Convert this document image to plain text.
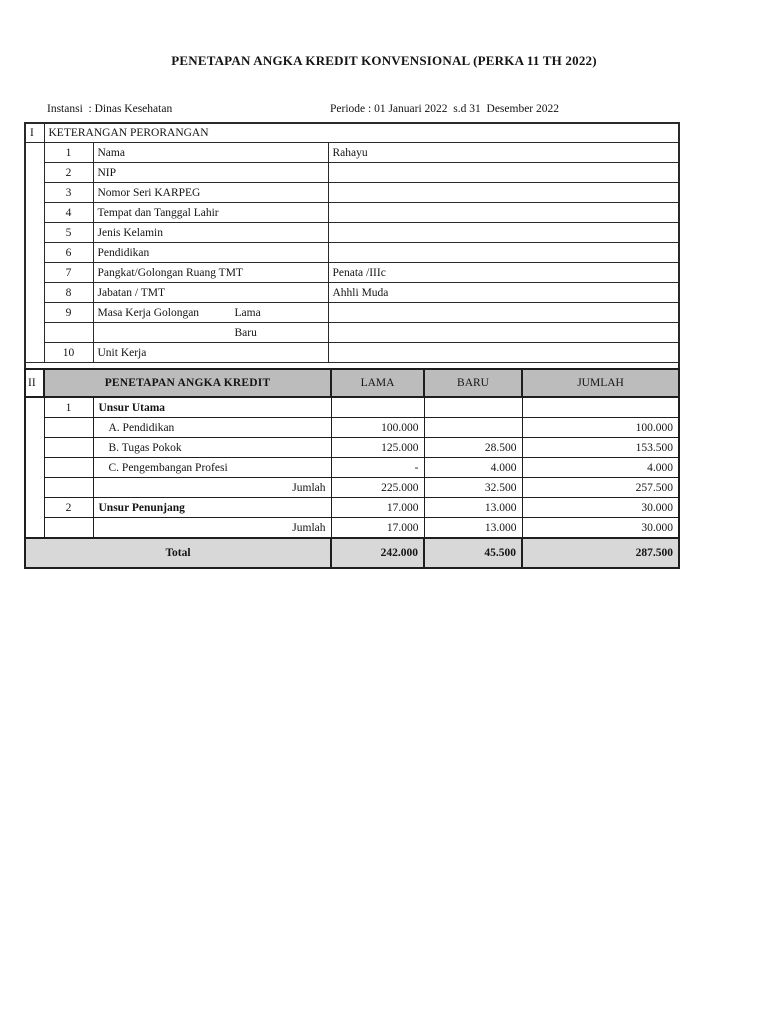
PENETAPAN ANGKA KREDIT KONVENSIONAL (PERKA 11 TH 2022)
Instansi  : Dinas Kesehatan	Periode : 01 Januari 2022  s.d 31  Desember 2022
I	KETERANGAN PERORANGAN		
	1	Nama	Rahayu
	2	NIP	
	3	Nomor Seri KARPEG	
	4	Tempat dan Tanggal Lahir	
	5	Jenis Kelamin	
	6	Pendidikan	
	7	Pangkat/Golongan Ruang TMT	Penata /IIIc
	8	Jabatan / TMT	Ahhli Muda
	9	Masa Kerja Golongan Lama	
		Baru	
	10	Unit Kerja	

II	PENETAPAN ANGKA KREDIT		LAMA	BARU	JUMLAH
	1	Unsur Utama			
		A. Pendidikan	100.000		100.000
		B. Tugas Pokok	125.000	28.500	153.500
		C. Pengembangan Profesi	-	4.000	4.000
		Jumlah	225.000	32.500	257.500
	2	Unsur Penunjang	17.000	13.000	30.000
		Jumlah	17.000	13.000	30.000
Total			242.000	45.500	287.500
